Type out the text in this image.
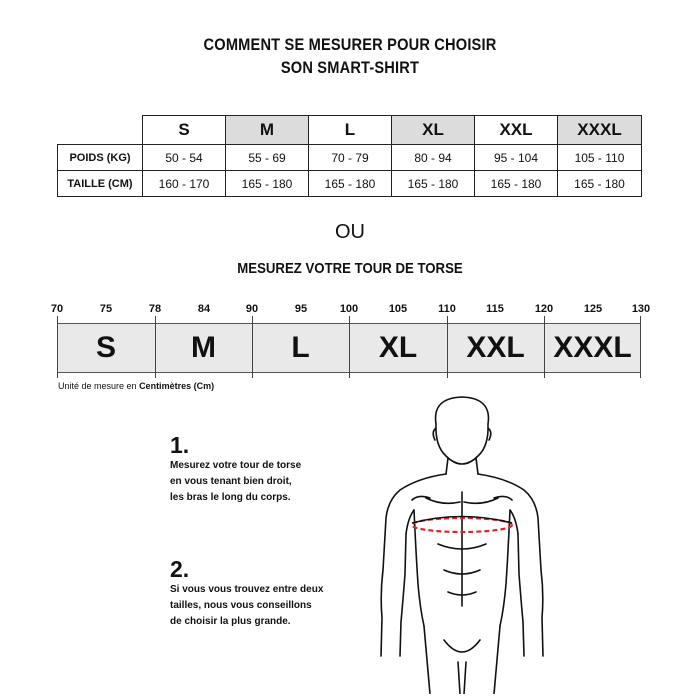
COMMENT SE MESURER POUR CHOISIR
SON SMART-SHIRT
	S	M	L	XL	XXL	XXXL
POIDS (KG)	50 - 54	55 - 69	70 - 79	80 - 94	95 - 104	105 - 110
TAILLE (CM)	160 - 170	165 - 180	165 - 180	165 - 180	165 - 180	165 - 180
OU
MESUREZ VOTRE TOUR DE TORSE
70	75	78	84	90	95	100	105	110	115	120	125	130
S	M	L	XL	XXL XXXL
Unité de mesure en Centimètres (Cm)
1.
Mesurez votre tour de torse
en vous tenant bien droit,
les bras le long du corps.
2.
Si vous vous trouvez entre deux
tailles, nous vous conseillons
de choisir la plus grande.
